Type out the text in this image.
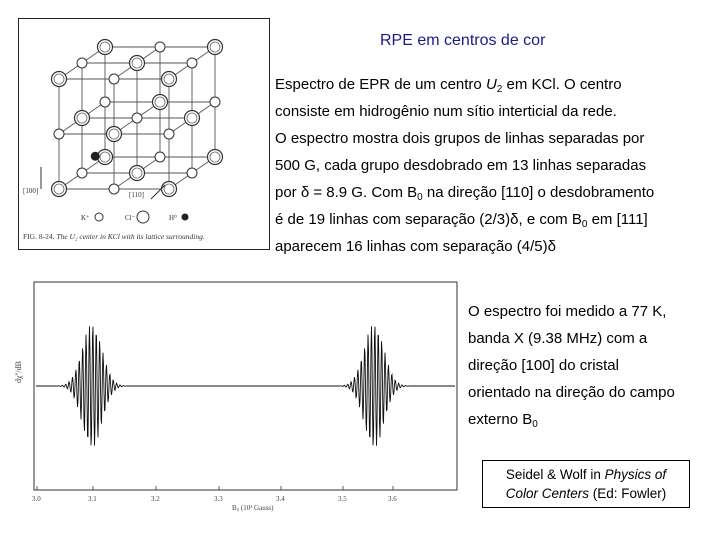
[100]	[110]
K⁺	Cl⁻	H⁰
FIG. 8-24. The U₂ center in KCl with its lattice surrounding.
RPE em centros de cor

Espectro de EPR de um centro $U_2$ em KCl. O centro

consiste em hidrogênio num sítio interticial da rede.

O espectro mostra dois grupos de linhas separadas por

500 G, cada grupo desdobrado em 13 linhas separadas

por δ = 8.9 G. Com $B_0$ na direção [110] o desdobramento

é de 19 linhas com separação (2/3)δ, e com $B_0$ em [111]

aparecem 16 linhas com separação (4/5)δ

dχ''/dB
B₀ (10³ Gauss)
3.0	3.1	3.2	3.3	3.4	3.5	3.6
O espectro foi medido a 77 K,
banda X (9.38 MHz) com a
direção [100] do cristal
orientado na direção do campo
externo $B_0$
Seidel & Wolf in Physics of
Color Centers (Ed: Fowler)
